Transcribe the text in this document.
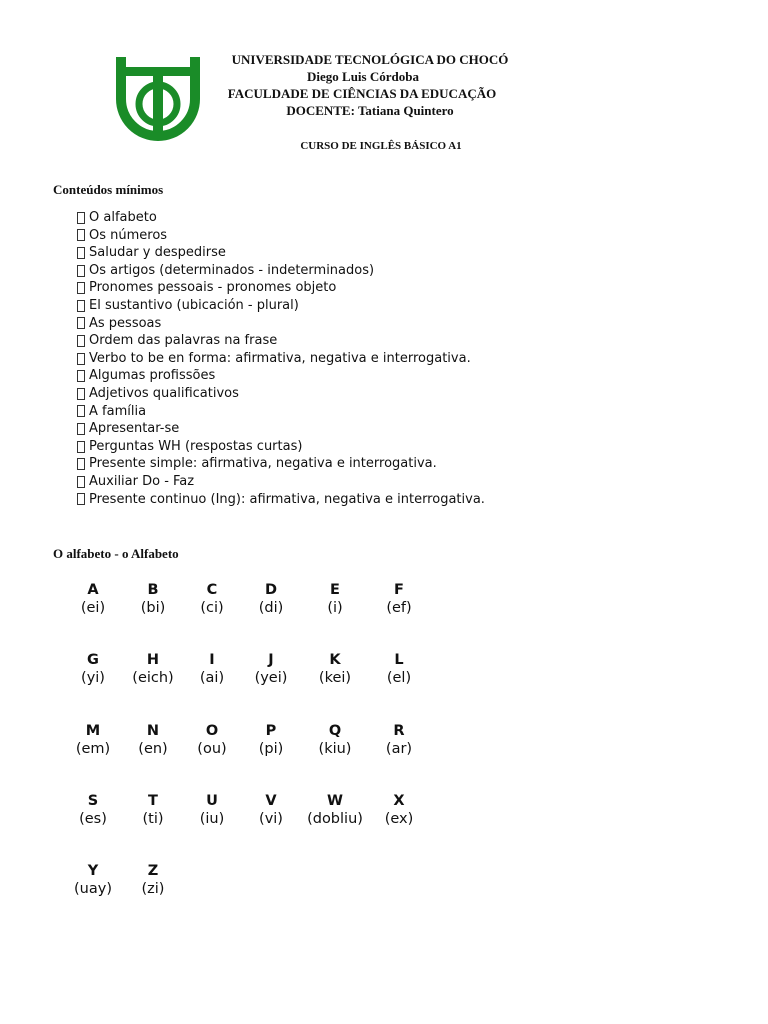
UNIVERSIDADE TECNOLÓGICA DO CHOCÓ
Diego Luis Córdoba
FACULDADE DE CIÊNCIAS DA EDUCAÇÃO
DOCENTE: Tatiana Quintero
CURSO DE INGLÊS BÁSICO A1
Conteúdos mínimos
O alfabeto
Os números
Saludar y despedirse
Os artigos (determinados - indeterminados)
Pronomes pessoais - pronomes objeto
El sustantivo (ubicación - plural)
As pessoas
Ordem das palavras na frase
Verbo to be en forma: afirmativa, negativa e interrogativa.
Algumas profissões
Adjetivos qualificativos
A família
Apresentar-se
Perguntas WH (respostas curtas)
Presente simple: afirmativa, negativa e interrogativa.
Auxiliar Do - Faz
Presente continuo (Ing): afirmativa, negativa e interrogativa.
O alfabeto - o Alfabeto
A
(ei)
B
(bi)
C
(ci)
D
(di)
E
(i)
F
(ef)
G
(yi)
H
(eich)
I
(ai)
J
(yei)
K
(kei)
L
(el)
M
(em)
N
(en)
O
(ou)
P
(pi)
Q
(kiu)
R
(ar)
S
(es)
T
(ti)
U
(iu)
V
(vi)
W
(dobliu)
X
(ex)
Y
(uay)
Z
(zi)
